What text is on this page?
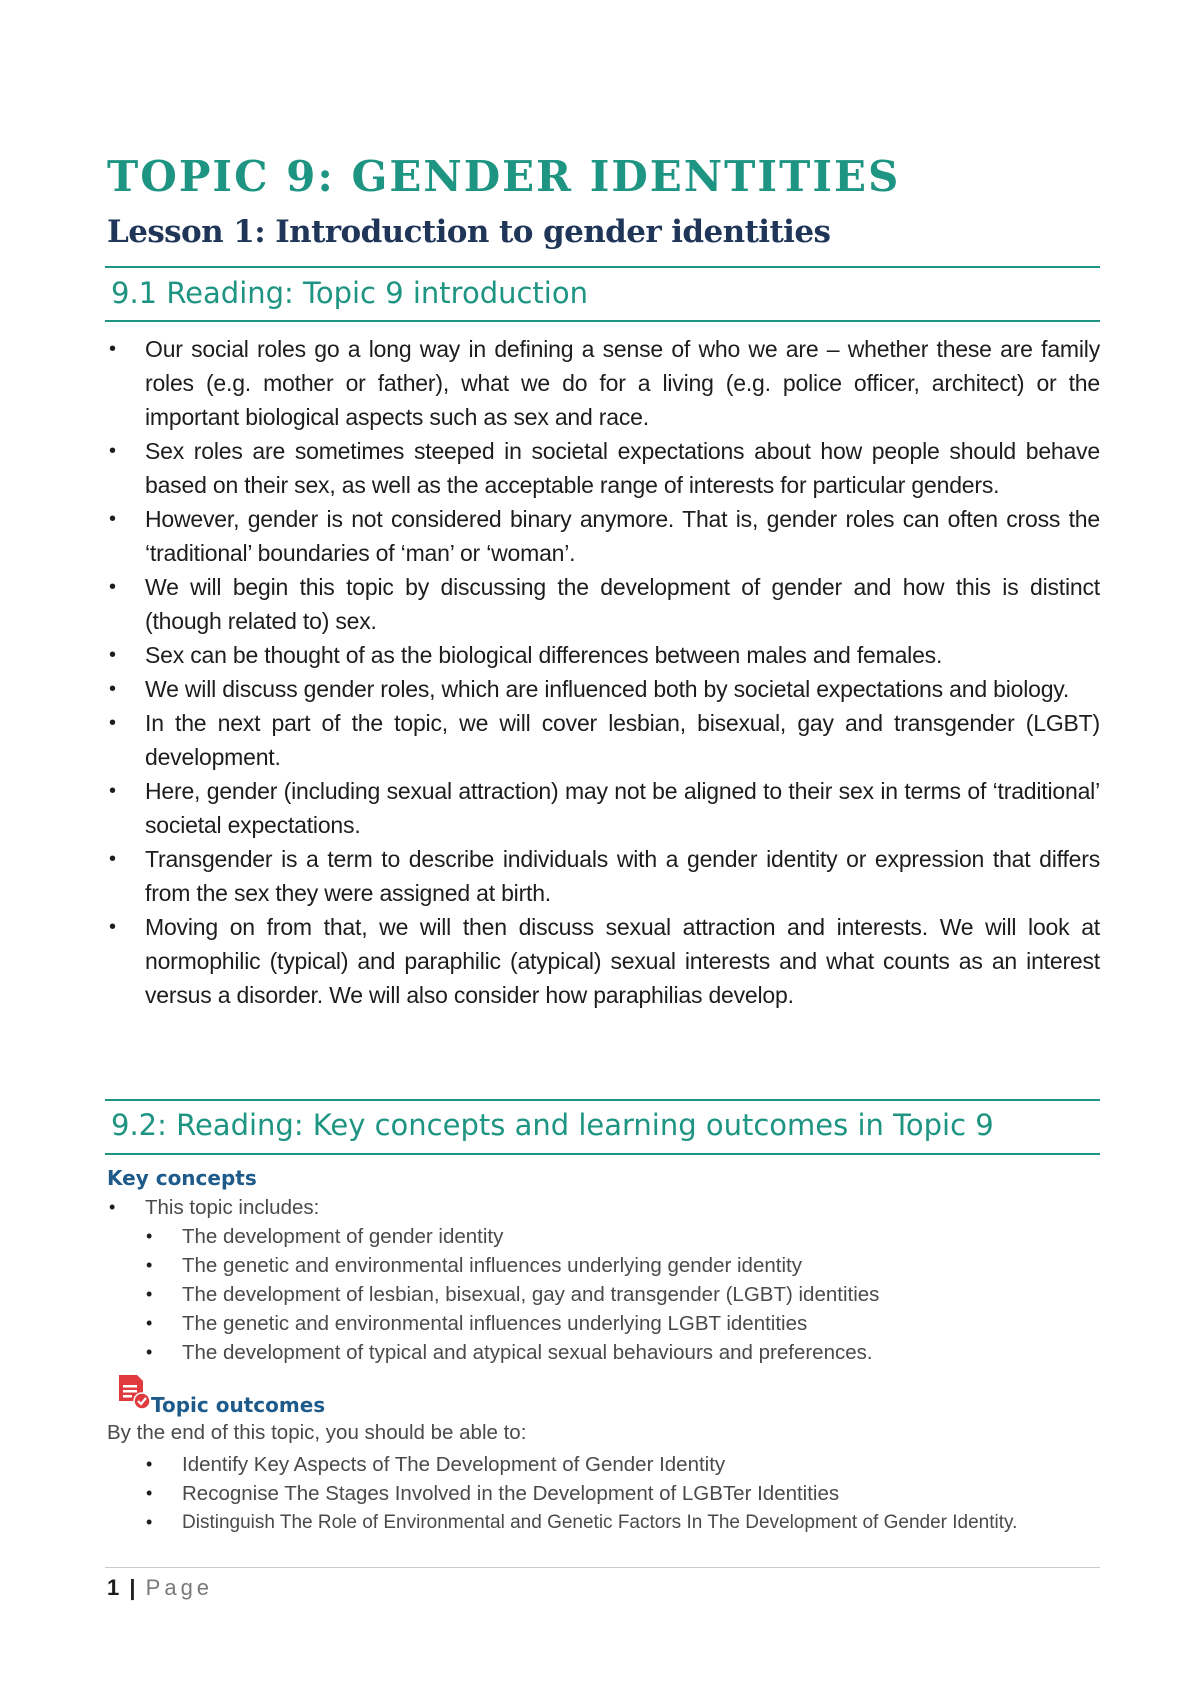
TOPIC 9: GENDER IDENTITIES
Lesson 1: Introduction to gender identities
9.1 Reading: Topic 9 introduction
• Our social roles go a long way in defining a sense of who we are – whether these are family roles (e.g. mother or father), what we do for a living (e.g. police officer, architect) or the important biological aspects such as sex and race.
• Sex roles are sometimes steeped in societal expectations about how people should behave based on their sex, as well as the acceptable range of interests for particular genders.
• However, gender is not considered binary anymore. That is, gender roles can often cross the ‘traditional’ boundaries of ‘man’ or ‘woman’.
• We will begin this topic by discussing the development of gender and how this is distinct (though related to) sex.
• Sex can be thought of as the biological differences between males and females.
• We will discuss gender roles, which are influenced both by societal expectations and biology.
• In the next part of the topic, we will cover lesbian, bisexual, gay and transgender (LGBT) development.
• Here, gender (including sexual attraction) may not be aligned to their sex in terms of ‘traditional’ societal expectations.
• Transgender is a term to describe individuals with a gender identity or expression that differs from the sex they were assigned at birth.
• Moving on from that, we will then discuss sexual attraction and interests. We will look at normophilic (typical) and paraphilic (atypical) sexual interests and what counts as an interest versus a disorder. We will also consider how paraphilias develop.
9.2: Reading: Key concepts and learning outcomes in Topic 9
Key concepts
• This topic includes:
• The development of gender identity
• The genetic and environmental influences underlying gender identity
• The development of lesbian, bisexual, gay and transgender (LGBT) identities
• The genetic and environmental influences underlying LGBT identities
• The development of typical and atypical sexual behaviours and preferences.
Topic outcomes

By the end of this topic, you should be able to:

• Identify Key Aspects of The Development of Gender Identity
• Recognise The Stages Involved in the Development of LGBTer Identities
• Distinguish The Role of Environmental and Genetic Factors In The Development of Gender Identity.
1 | Page
